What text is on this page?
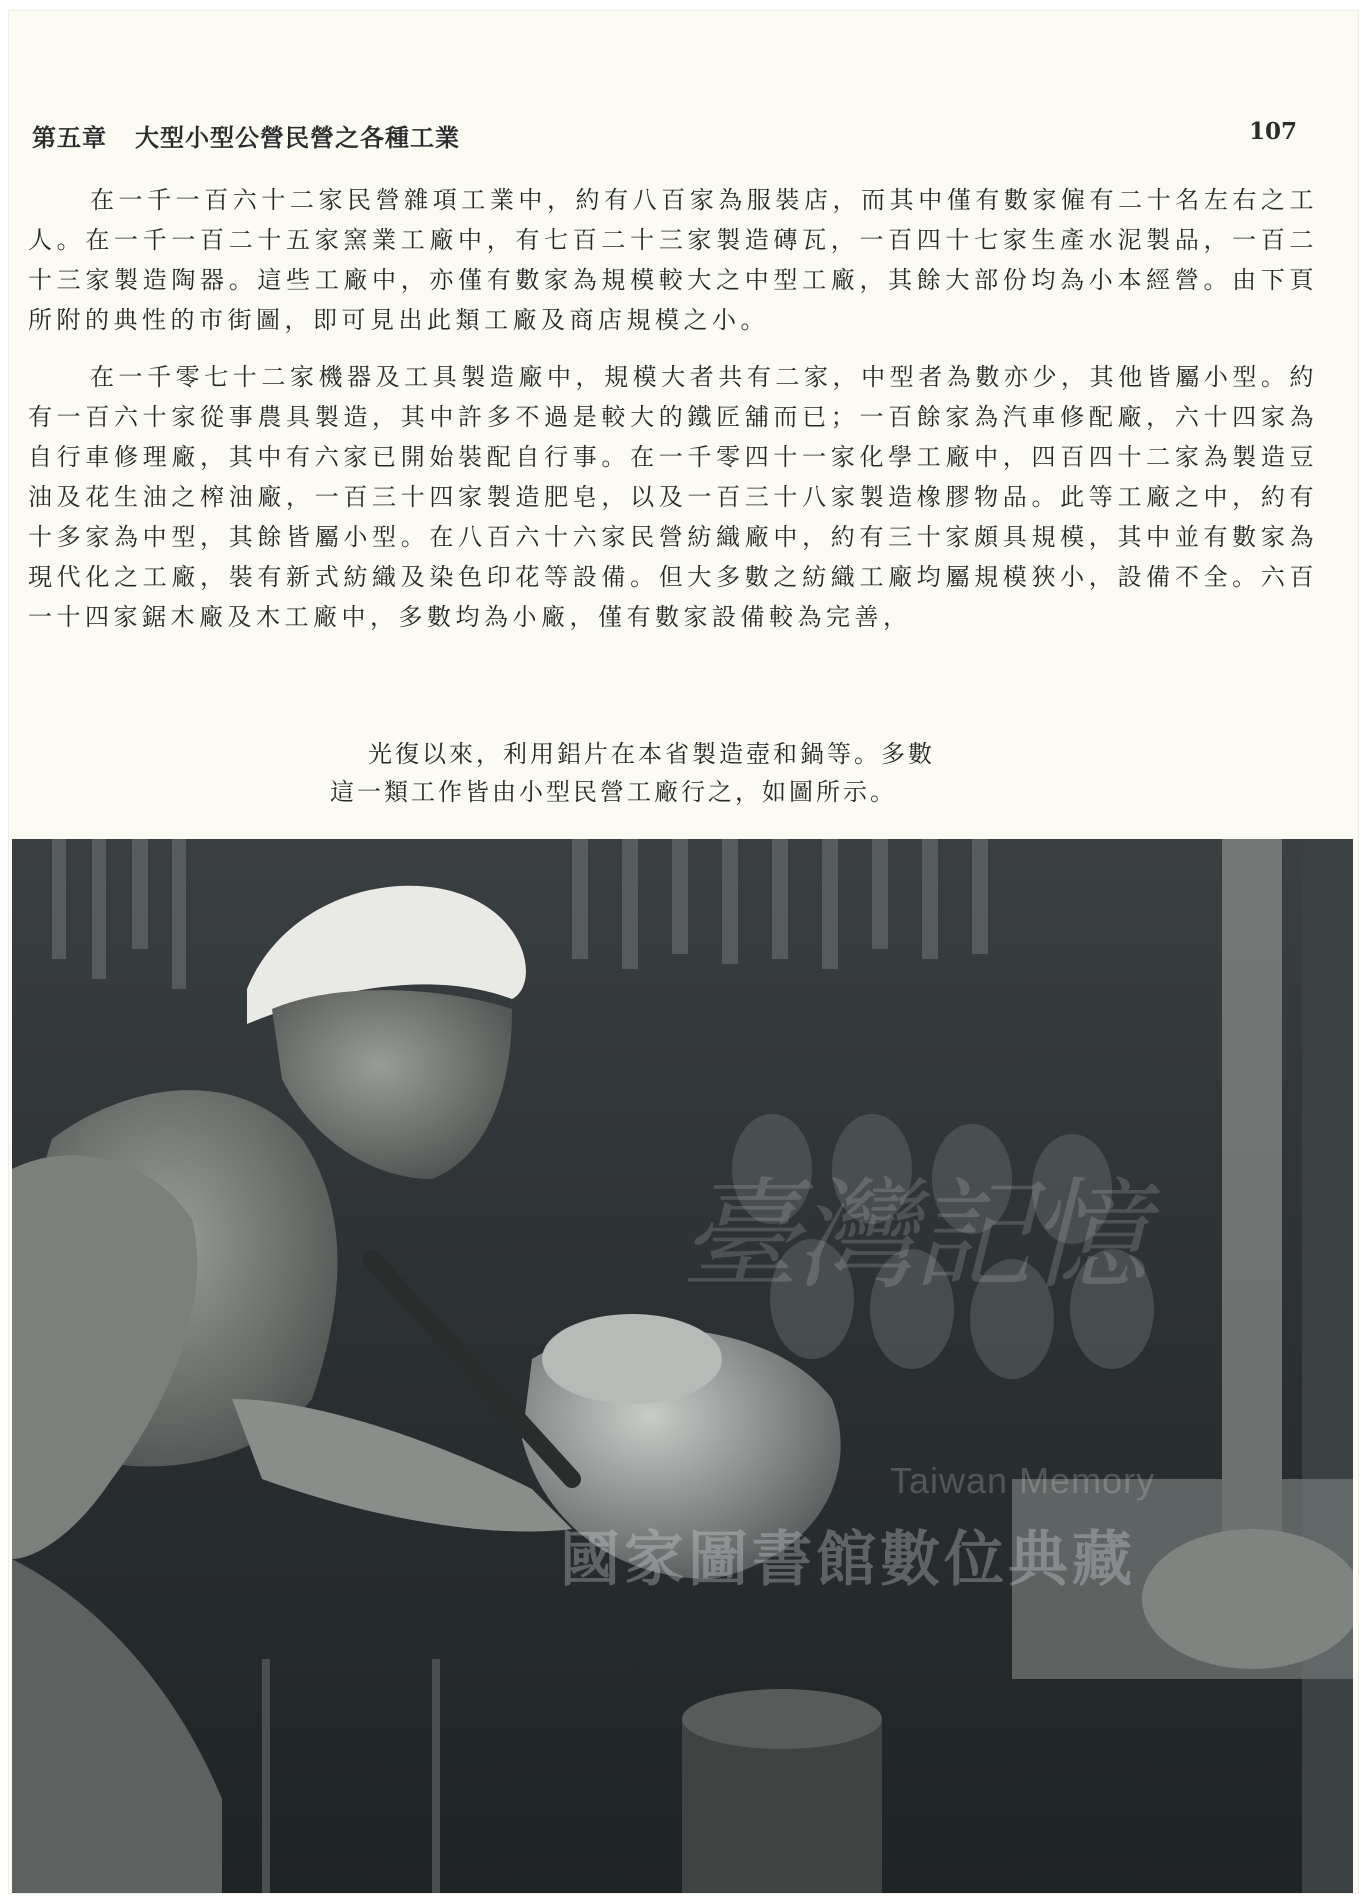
第五章 大型小型公營民營之各種工業	107

在一千一百六十二家民營雜項工業中，約有八百家為服裝店，而其中僅有數家僱有二十名左右之工人。在一千一百二十五家窯業工廠中，有七百二十三家製造磚瓦，一百四十七家生產水泥製品，一百二十三家製造陶器。這些工廠中，亦僅有數家為規模較大之中型工廠，其餘大部份均為小本經營。由下頁所附的典性的市街圖，即可見出此類工廠及商店規模之小。

在一千零七十二家機器及工具製造廠中，規模大者共有二家，中型者為數亦少，其他皆屬小型。約有一百六十家從事農具製造，其中許多不過是較大的鐵匠舖而已；一百餘家為汽車修配廠，六十四家為自行車修理廠，其中有六家已開始裝配自行事。在一千零四十一家化學工廠中，四百四十二家為製造豆油及花生油之榨油廠，一百三十四家製造肥皂，以及一百三十八家製造橡膠物品。此等工廠之中，約有十多家為中型，其餘皆屬小型。在八百六十六家民營紡織廠中，約有三十家頗具規模，其中並有數家為現代化之工廠，裝有新式紡織及染色印花等設備。但大多數之紡織工廠均屬規模狹小，設備不全。六百一十四家鋸木廠及木工廠中，多數均為小廠，僅有數家設備較為完善，

光復以來，利用鋁片在本省製造壺和鍋等。多數
這一類工作皆由小型民營工廠行之，如圖所示。
Taiwan Memory
國家圖書館數位典藏
